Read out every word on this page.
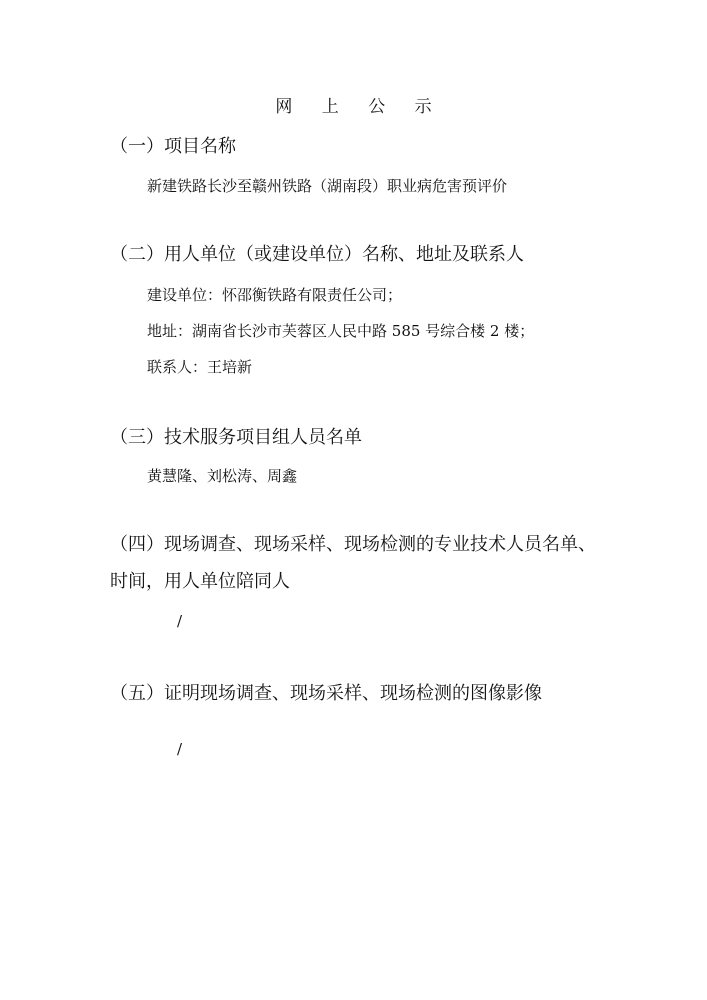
网 上 公 示
（一）项目名称
新建铁路长沙至赣州铁路（湖南段）职业病危害预评价
（二）用人单位（或建设单位）名称、地址及联系人
建设单位：怀邵衡铁路有限责任公司；
地址：湖南省长沙市芙蓉区人民中路 585 号综合楼 2 楼；
联系人：王培新
（三）技术服务项目组人员名单
黄慧隆、刘松涛、周鑫
（四）现场调查、现场采样、现场检测的专业技术人员名单、
时间，用人单位陪同人
/
（五）证明现场调查、现场采样、现场检测的图像影像
/
